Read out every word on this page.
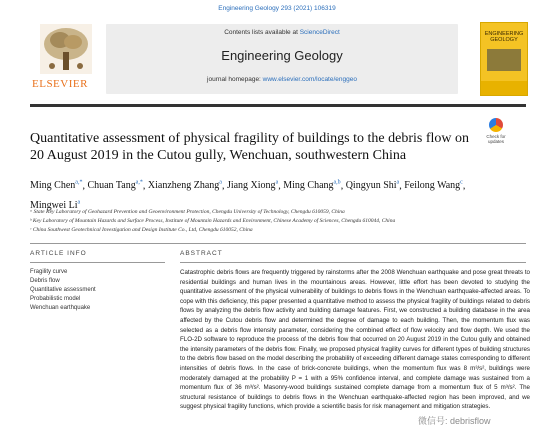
Engineering Geology 293 (2021) 106319
ELSEVIER
Contents lists available at ScienceDirect
Engineering Geology
journal homepage: www.elsevier.com/locate/enggeo
ENGINEERING GEOLOGY
Quantitative assessment of physical fragility of buildings to the debris flow on 20 August 2019 in the Cutou gully, Wenchuan, southwestern China
Check for updates
Ming Chen$^{a,*}$, Chuan Tang$^{a,*}$, Xianzheng Zhang$^a$, Jiang Xiong$^a$, Ming Chang$^{a,b}$, Qingyun Shi$^a$, Feilong Wang$^c$, Mingwei Li$^a$
ᵃ State Key Laboratory of Geohazard Prevention and Geoenvironment Protection, Chengdu University of Technology, Chengdu 610059, China
ᵇ Key Laboratory of Mountain Hazards and Surface Process, Institute of Mountain Hazards and Environment, Chinese Academy of Sciences, Chengdu 610044, China
ᶜ China Southwest Geotechnical Investigation and Design Institute Co., Ltd, Chengdu 610052, China
ARTICLE INFO	ABSTRACT
Fragility curve
Debris flow
Quantitative assessment
Probabilistic model
Wenchuan earthquake
Catastrophic debris flows are frequently triggered by rainstorms after the 2008 Wenchuan earthquake and pose great threats to residential buildings and human lives in the mountainous areas. However, little effort has been devoted to studying the quantitative assessment of the physical vulnerability of buildings to debris flows in the Wenchuan earthquake-affected areas. To cope with this deficiency, this paper presented a quantitative method to assess the physical fragility of buildings related to debris flows by analyzing the debris flow activity and building damage features. First, we constructed a building database in the area affected by the Cutou debris flow and determined the degree of damage to each building. Then, the momentum flux was selected as a debris flow intensity parameter, considering the combined effect of flow velocity and flow depth. We used the FLO-2D software to reproduce the process of the debris flow that occurred on 20 August 2019 in the Cutou gully and obtained the intensity parameters of the debris flow. Finally, we proposed physical fragility curves for different types of building structures to the debris flow based on the model describing the probability of exceeding different damage states corresponding to different intensities of debris flows. In the case of brick-concrete buildings, when the momentum flux was 8 m³/s², buildings were moderately damaged at the probability P = 1 with a 95% confidence interval, and complete damage was sustained from a momentum flux of 36 m³/s². Masonry-wood buildings sustained complete damage from a momentum flux of 5 m³/s². The structural resistance of buildings to debris flows in the Wenchuan earthquake-affected region has been improved, and we suggest physical fragility functions, which provide a scientific basis for risk management and mitigation strategies.
微信号: debrisflow
